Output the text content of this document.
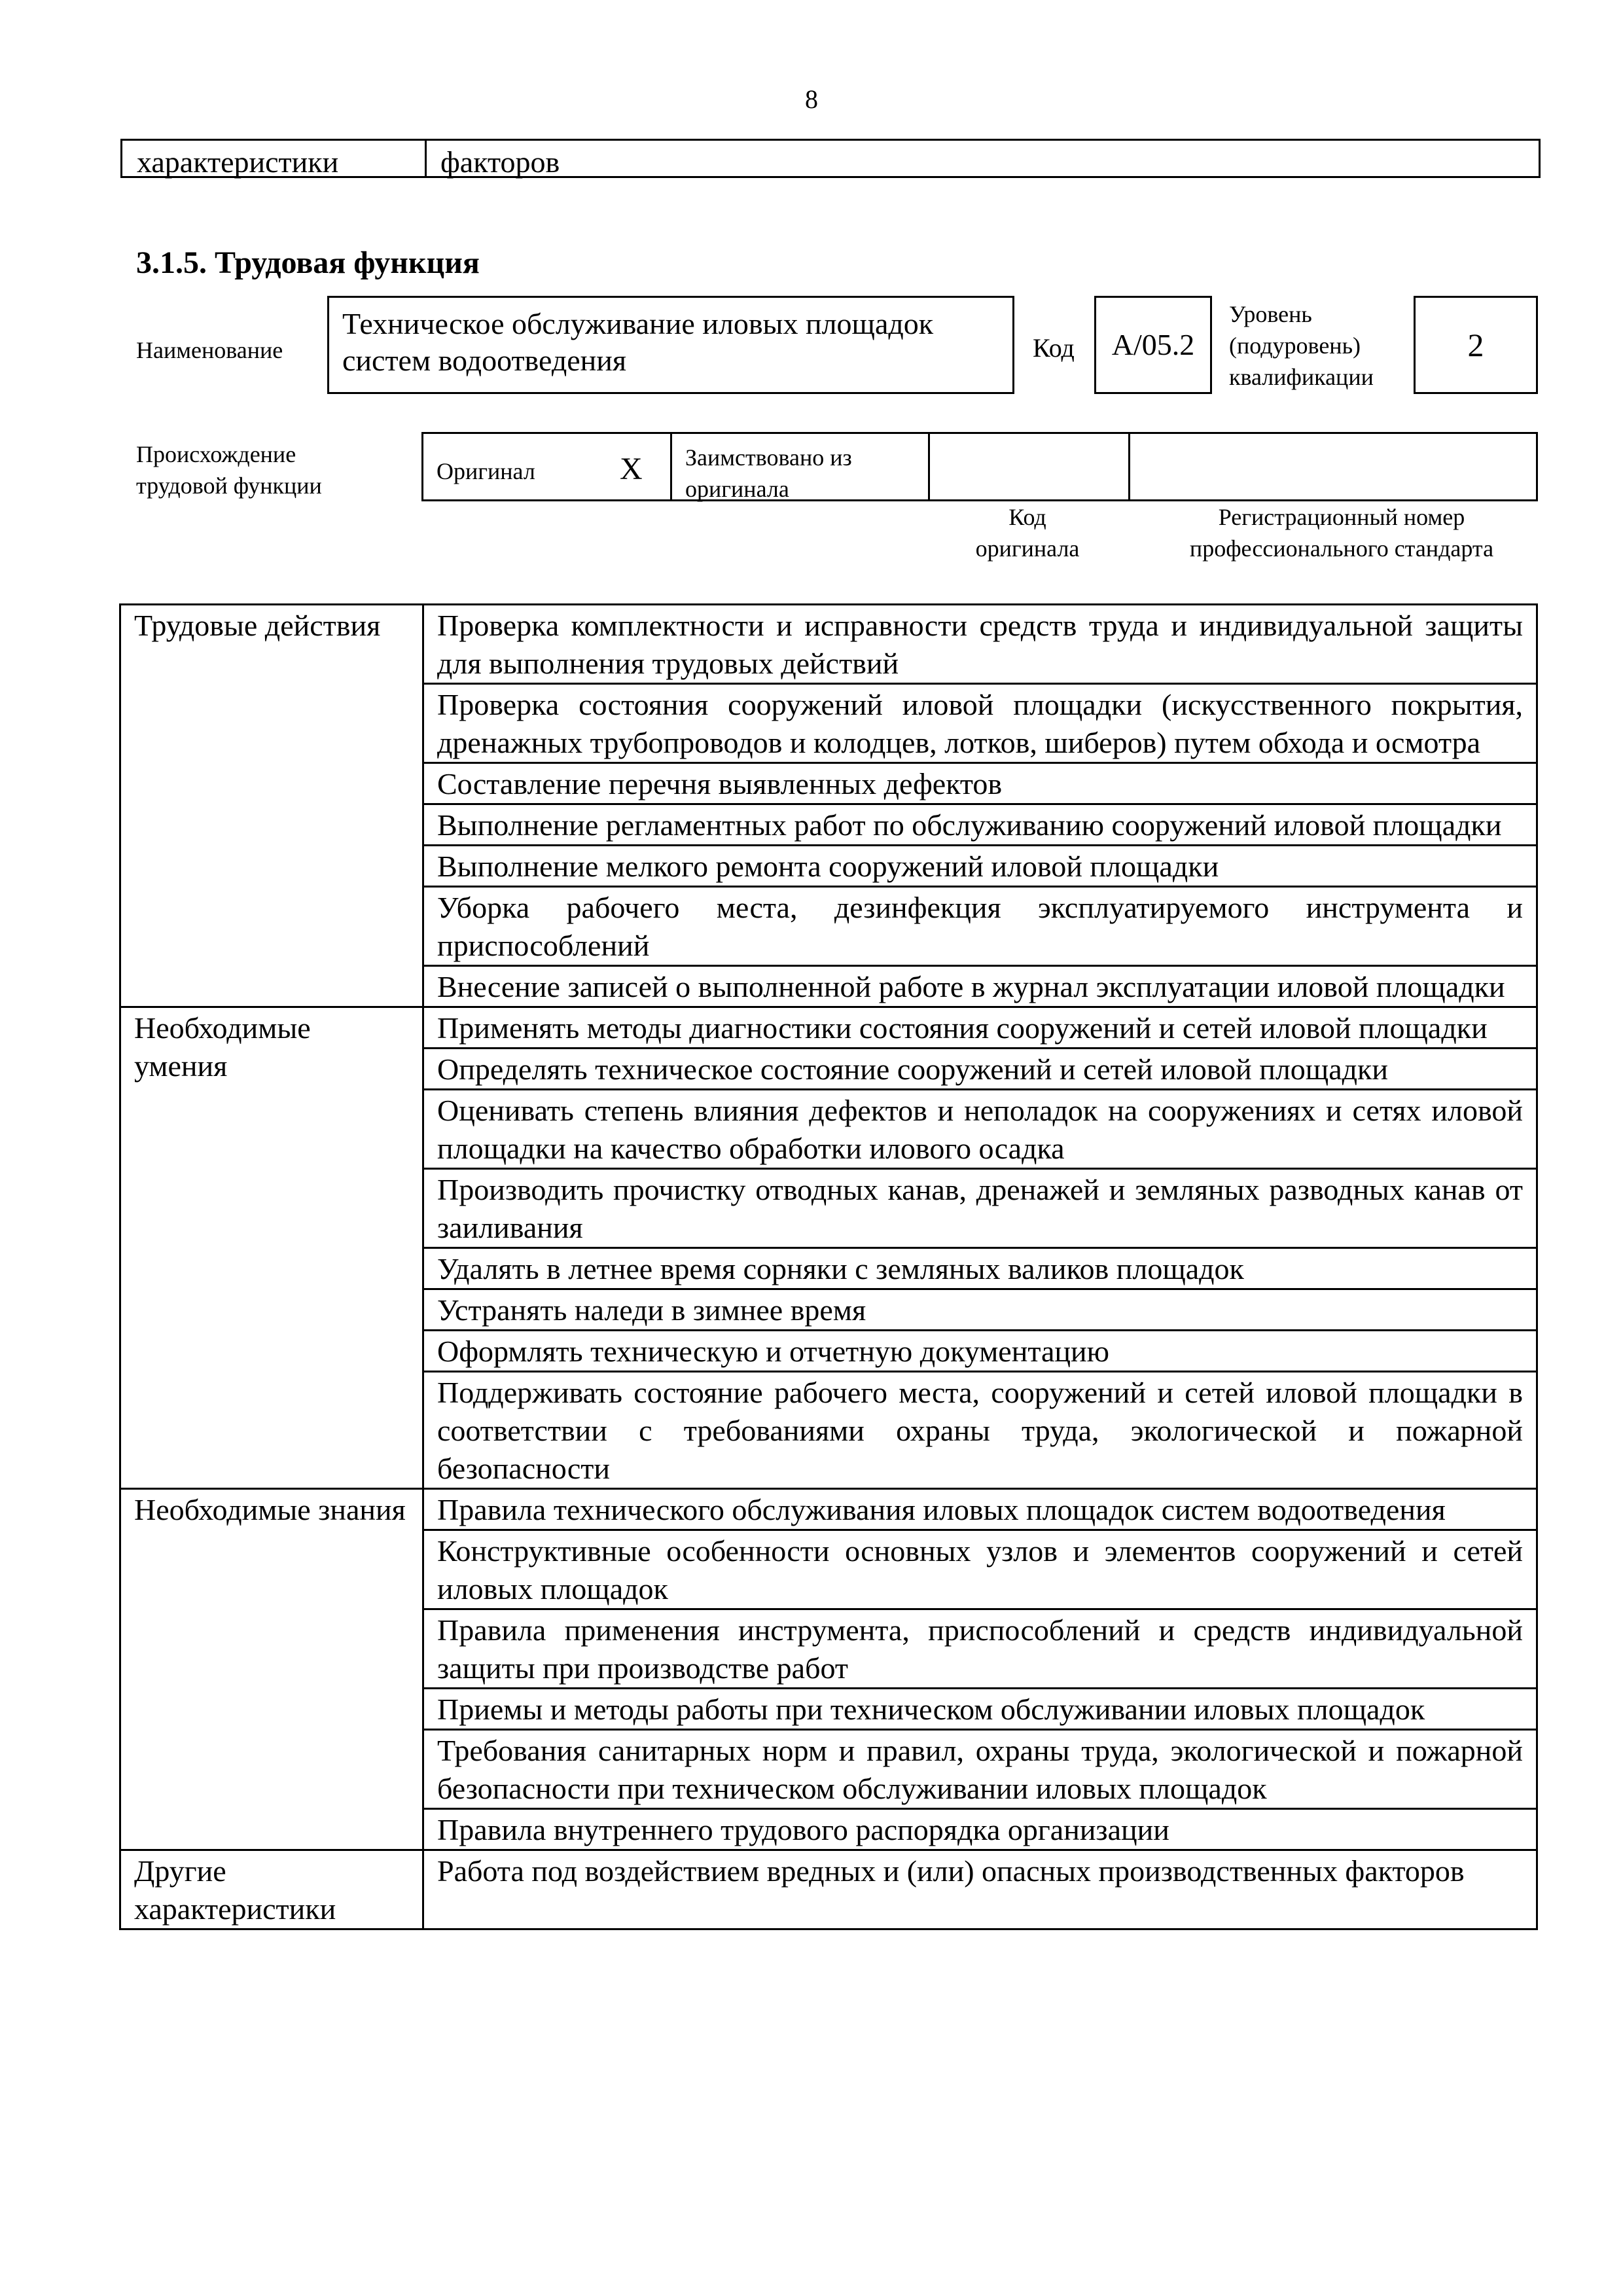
8
характеристики	факторов
3.1.5. Трудовая функция
Наименование
Техническое обслуживание иловых площадок
систем водоотведения	Код	A/05.2
Уровень
(подуровень)
квалификации
2
Происхождение
трудовой функции
Оригинал	X Заимствовано из
оригинала
Код
оригинала
Регистрационный номер
профессионального стандарта
Трудовые действия	Проверка комплектности и исправности средств труда и индивидуальной защиты для выполнения трудовых действий
	Проверка состояния сооружений иловой площадки (искусственного покрытия, дренажных трубопроводов и колодцев, лотков, шиберов) путем обхода и осмотра
	Составление перечня выявленных дефектов
	Выполнение регламентных работ по обслуживанию сооружений иловой площадки
	Выполнение мелкого ремонта сооружений иловой площадки
	Уборка рабочего места, дезинфекция эксплуатируемого инструмента и приспособлений
	Внесение записей о выполненной работе в журнал эксплуатации иловой площадки
Необходимые умения	Применять методы диагностики состояния сооружений и сетей иловой площадки
	Определять техническое состояние сооружений и сетей иловой площадки
	Оценивать степень влияния дефектов и неполадок на сооружениях и сетях иловой площадки на качество обработки илового осадка
	Производить прочистку отводных канав, дренажей и земляных разводных канав от заиливания
	Удалять в летнее время сорняки с земляных валиков площадок
	Устранять наледи в зимнее время
	Оформлять техническую и отчетную документацию
	Поддерживать состояние рабочего места, сооружений и сетей иловой площадки в соответствии с требованиями охраны труда, экологической и пожарной безопасности
Необходимые знания	Правила технического обслуживания иловых площадок систем водоотведения
	Конструктивные особенности основных узлов и элементов сооружений и сетей иловых площадок
	Правила применения инструмента, приспособлений и средств индивидуальной защиты при производстве работ
	Приемы и методы работы при техническом обслуживании иловых площадок
	Требования санитарных норм и правил, охраны труда, экологической и пожарной безопасности при техническом обслуживании иловых площадок
	Правила внутреннего трудового распорядка организации
Другие характеристики	Работа под воздействием вредных и (или) опасных производственных факторов
